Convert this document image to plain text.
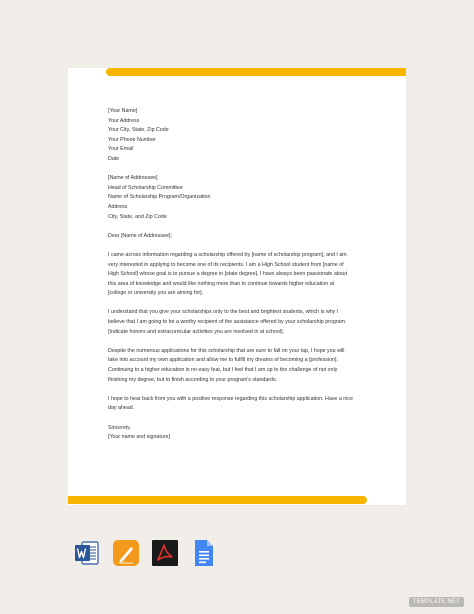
[Your Name]

Your Address

Your City, State, Zip Code

Your Phone Number

Your Email

Date

[Name of Addressee]

Head of Scholarship Committee

Name of Scholarship Program/Organization

Address

City, State, and Zip Code

Dear [Name of Addressee];

I came across information regarding a scholarship offered by [name of scholarship program], and I am

very interested in applying to become one of its recipients. I am a High School student from [name of

High School] whose goal is to pursue a degree in [state degree]. I have always been passionate about

this area of knowledge and would like nothing more than to continue towards higher education at

[college or university you are aiming for].

I understand that you give your scholarships only to the best and brightest students, which is why I

believe that I am going to be a worthy recipient of the assistance offered by your scholarship program.

[Indicate honors and extracurricular activities you are involved in at school].

Despite the numerous applications for this scholarship that are sure to fall on your lap, I hope you will

take into account my own application and allow me to fulfill my dreams of becoming a [profession].

Continuing to a higher education is no easy feat, but I feel that I am up to the challenge of not only

finishing my degree, but to finish according to your program's standards.

I hope to hear back from you with a positive response regarding this scholarship application. Have a nice

day ahead.

Sincerely,

[Your name and signature]

TEMPLATE.NET
